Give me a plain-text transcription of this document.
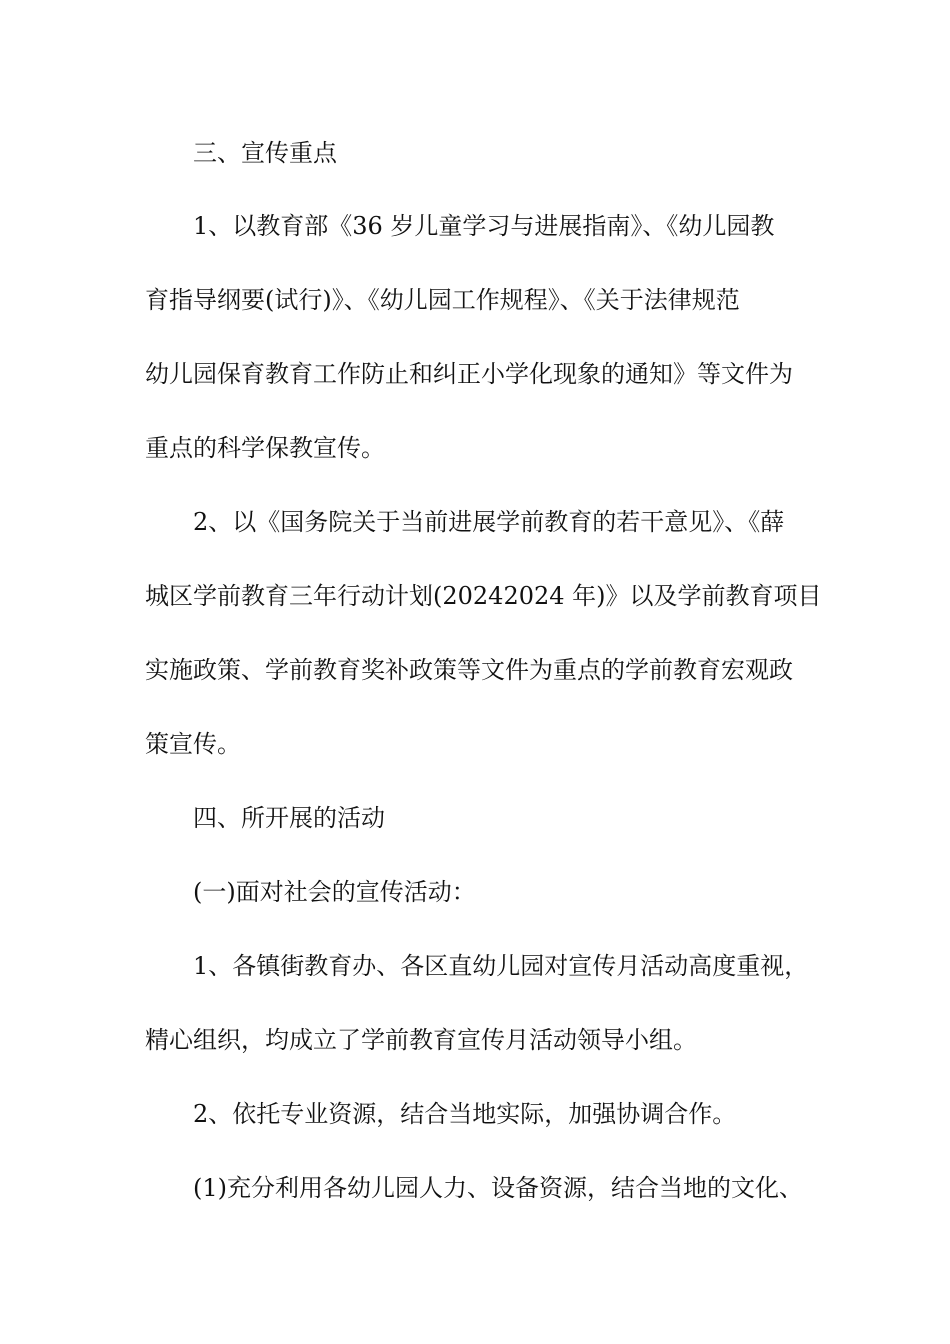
三、宣传重点
1、以教育部《36 岁儿童学习与进展指南》、《幼儿园教
育指导纲要(试行)》、《幼儿园工作规程》、《关于法律规范
幼儿园保育教育工作防止和纠正小学化现象的通知》等文件为
重点的科学保教宣传。
2、以《国务院关于当前进展学前教育的若干意见》、《薛
城区学前教育三年行动计划(20242024 年)》以及学前教育项目
实施政策、学前教育奖补政策等文件为重点的学前教育宏观政
策宣传。
四、所开展的活动
(一)面对社会的宣传活动：
1、各镇街教育办、各区直幼儿园对宣传月活动高度重视，
精心组织，均成立了学前教育宣传月活动领导小组。
2、依托专业资源，结合当地实际，加强协调合作。
(1)充分利用各幼儿园人力、设备资源，结合当地的文化、
